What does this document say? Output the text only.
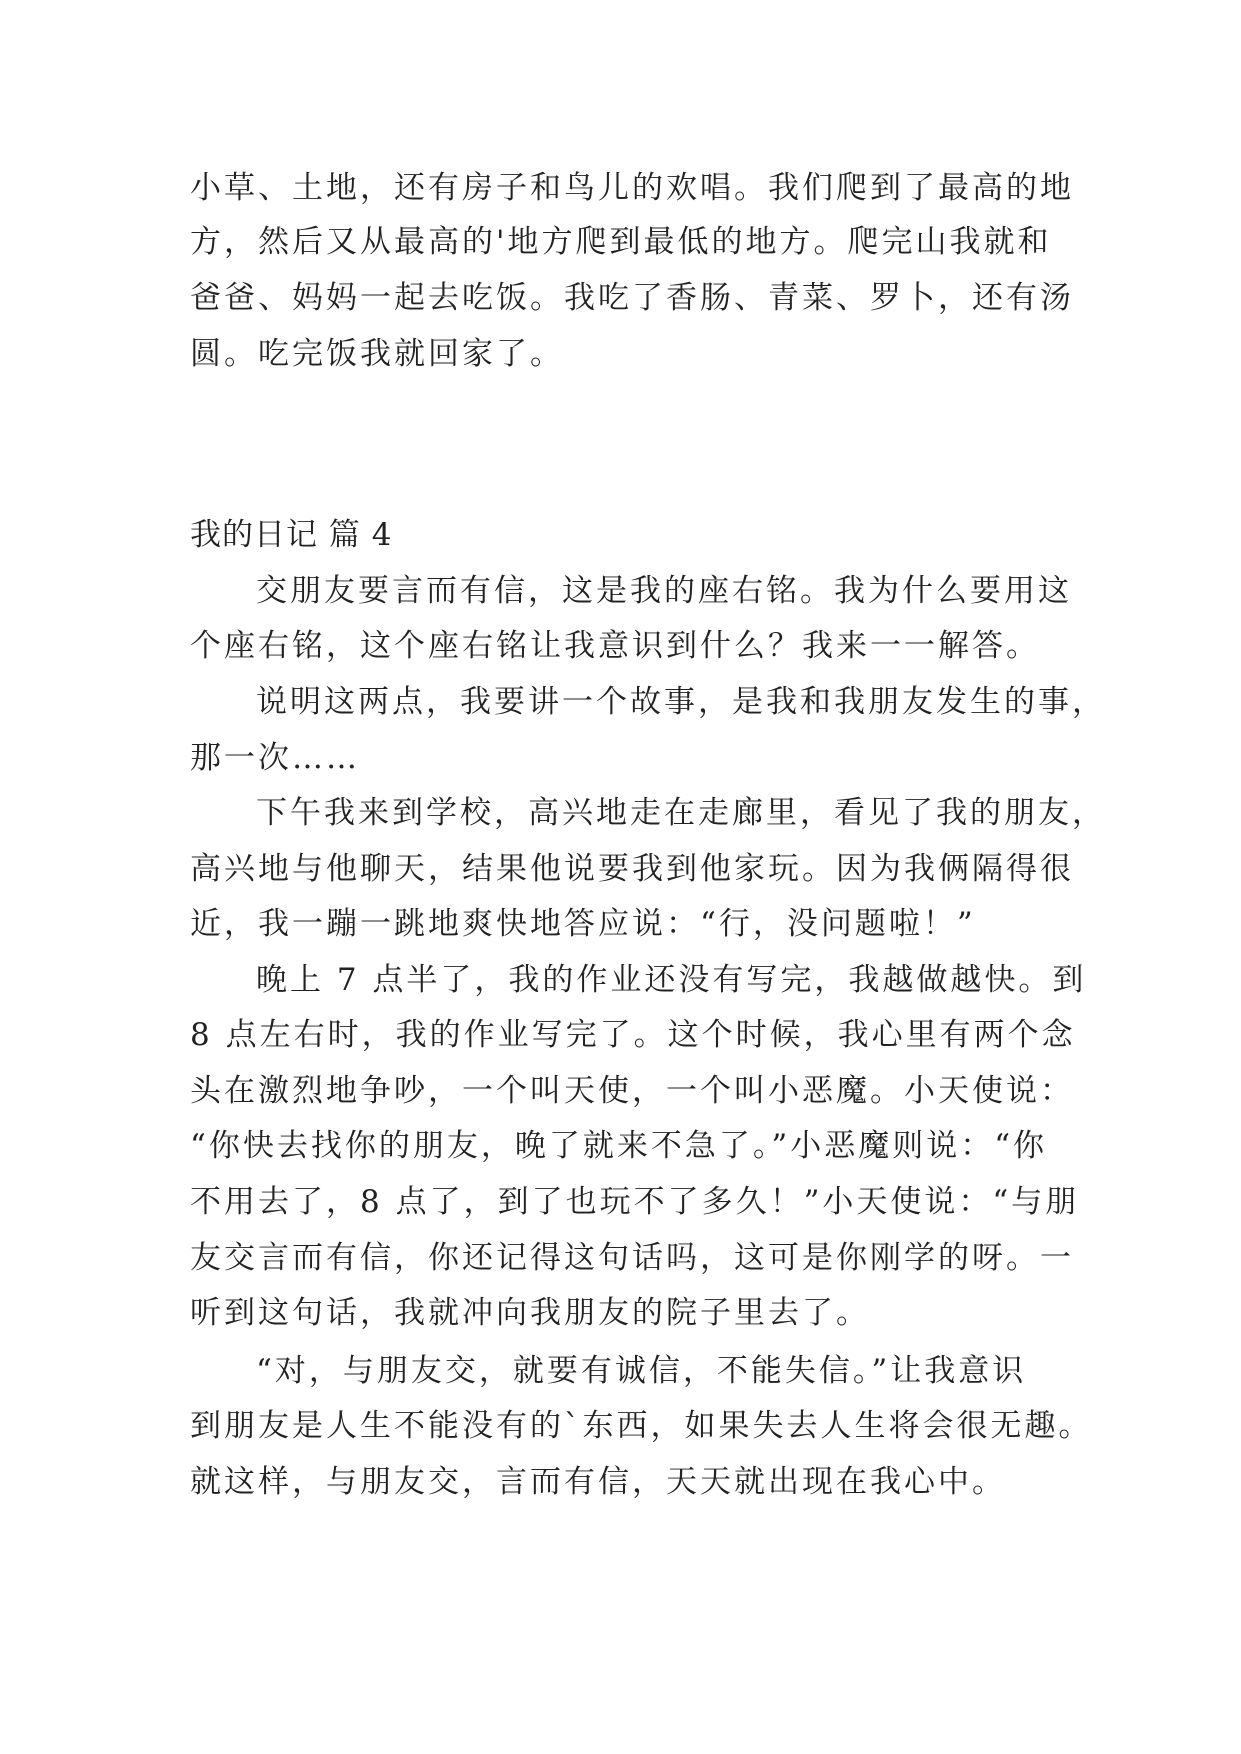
小草、土地，还有房子和鸟儿的欢唱。我们爬到了最高的地
方，然后又从最高的'地方爬到最低的地方。爬完山我就和
爸爸、妈妈一起去吃饭。我吃了香肠、青菜、罗卜，还有汤
圆。吃完饭我就回家了。
我的日记 篇 4
交朋友要言而有信，这是我的座右铭。我为什么要用这
个座右铭，这个座右铭让我意识到什么？我来一一解答。
说明这两点，我要讲一个故事，是我和我朋友发生的事，
那一次……
下午我来到学校，高兴地走在走廊里，看见了我的朋友，
高兴地与他聊天，结果他说要我到他家玩。因为我俩隔得很
近，我一蹦一跳地爽快地答应说：“行，没问题啦！”
晚上 7 点半了，我的作业还没有写完，我越做越快。到
8 点左右时，我的作业写完了。这个时候，我心里有两个念
头在激烈地争吵，一个叫天使，一个叫小恶魔。小天使说：
“你快去找你的朋友，晚了就来不急了。”小恶魔则说：“你
不用去了，8 点了，到了也玩不了多久！”小天使说：“与朋
友交言而有信，你还记得这句话吗，这可是你刚学的呀。一
听到这句话，我就冲向我朋友的院子里去了。
“对，与朋友交，就要有诚信，不能失信。”让我意识
到朋友是人生不能没有的`东西，如果失去人生将会很无趣。
就这样，与朋友交，言而有信，天天就出现在我心中。
